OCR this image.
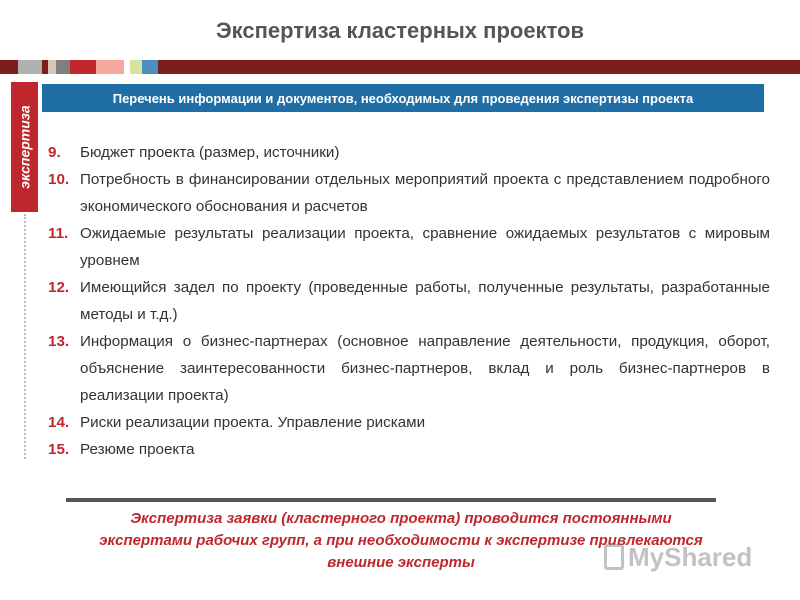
Экспертиза кластерных проектов
экспертиза
Перечень информации и документов, необходимых для проведения экспертизы проекта
9. Бюджет проекта (размер, источники)
10. Потребность в финансировании отдельных мероприятий проекта с представлением подробного экономического обоснования и расчетов
11. Ожидаемые результаты реализации проекта, сравнение ожидаемых результатов с мировым уровнем
12. Имеющийся задел по проекту (проведенные работы, полученные результаты, разработанные методы и т.д.)
13. Информация о бизнес-партнерах (основное направление деятельности, продукция, оборот, объяснение заинтересованности бизнес-партнеров, вклад и роль бизнес-партнеров в реализации проекта)
14. Риски реализации проекта. Управление рисками
15. Резюме проекта
Экспертиза заявки (кластерного проекта) проводится постоянными
экспертами рабочих групп, а при необходимости к экспертизе привлекаются
внешние эксперты	MyShared
